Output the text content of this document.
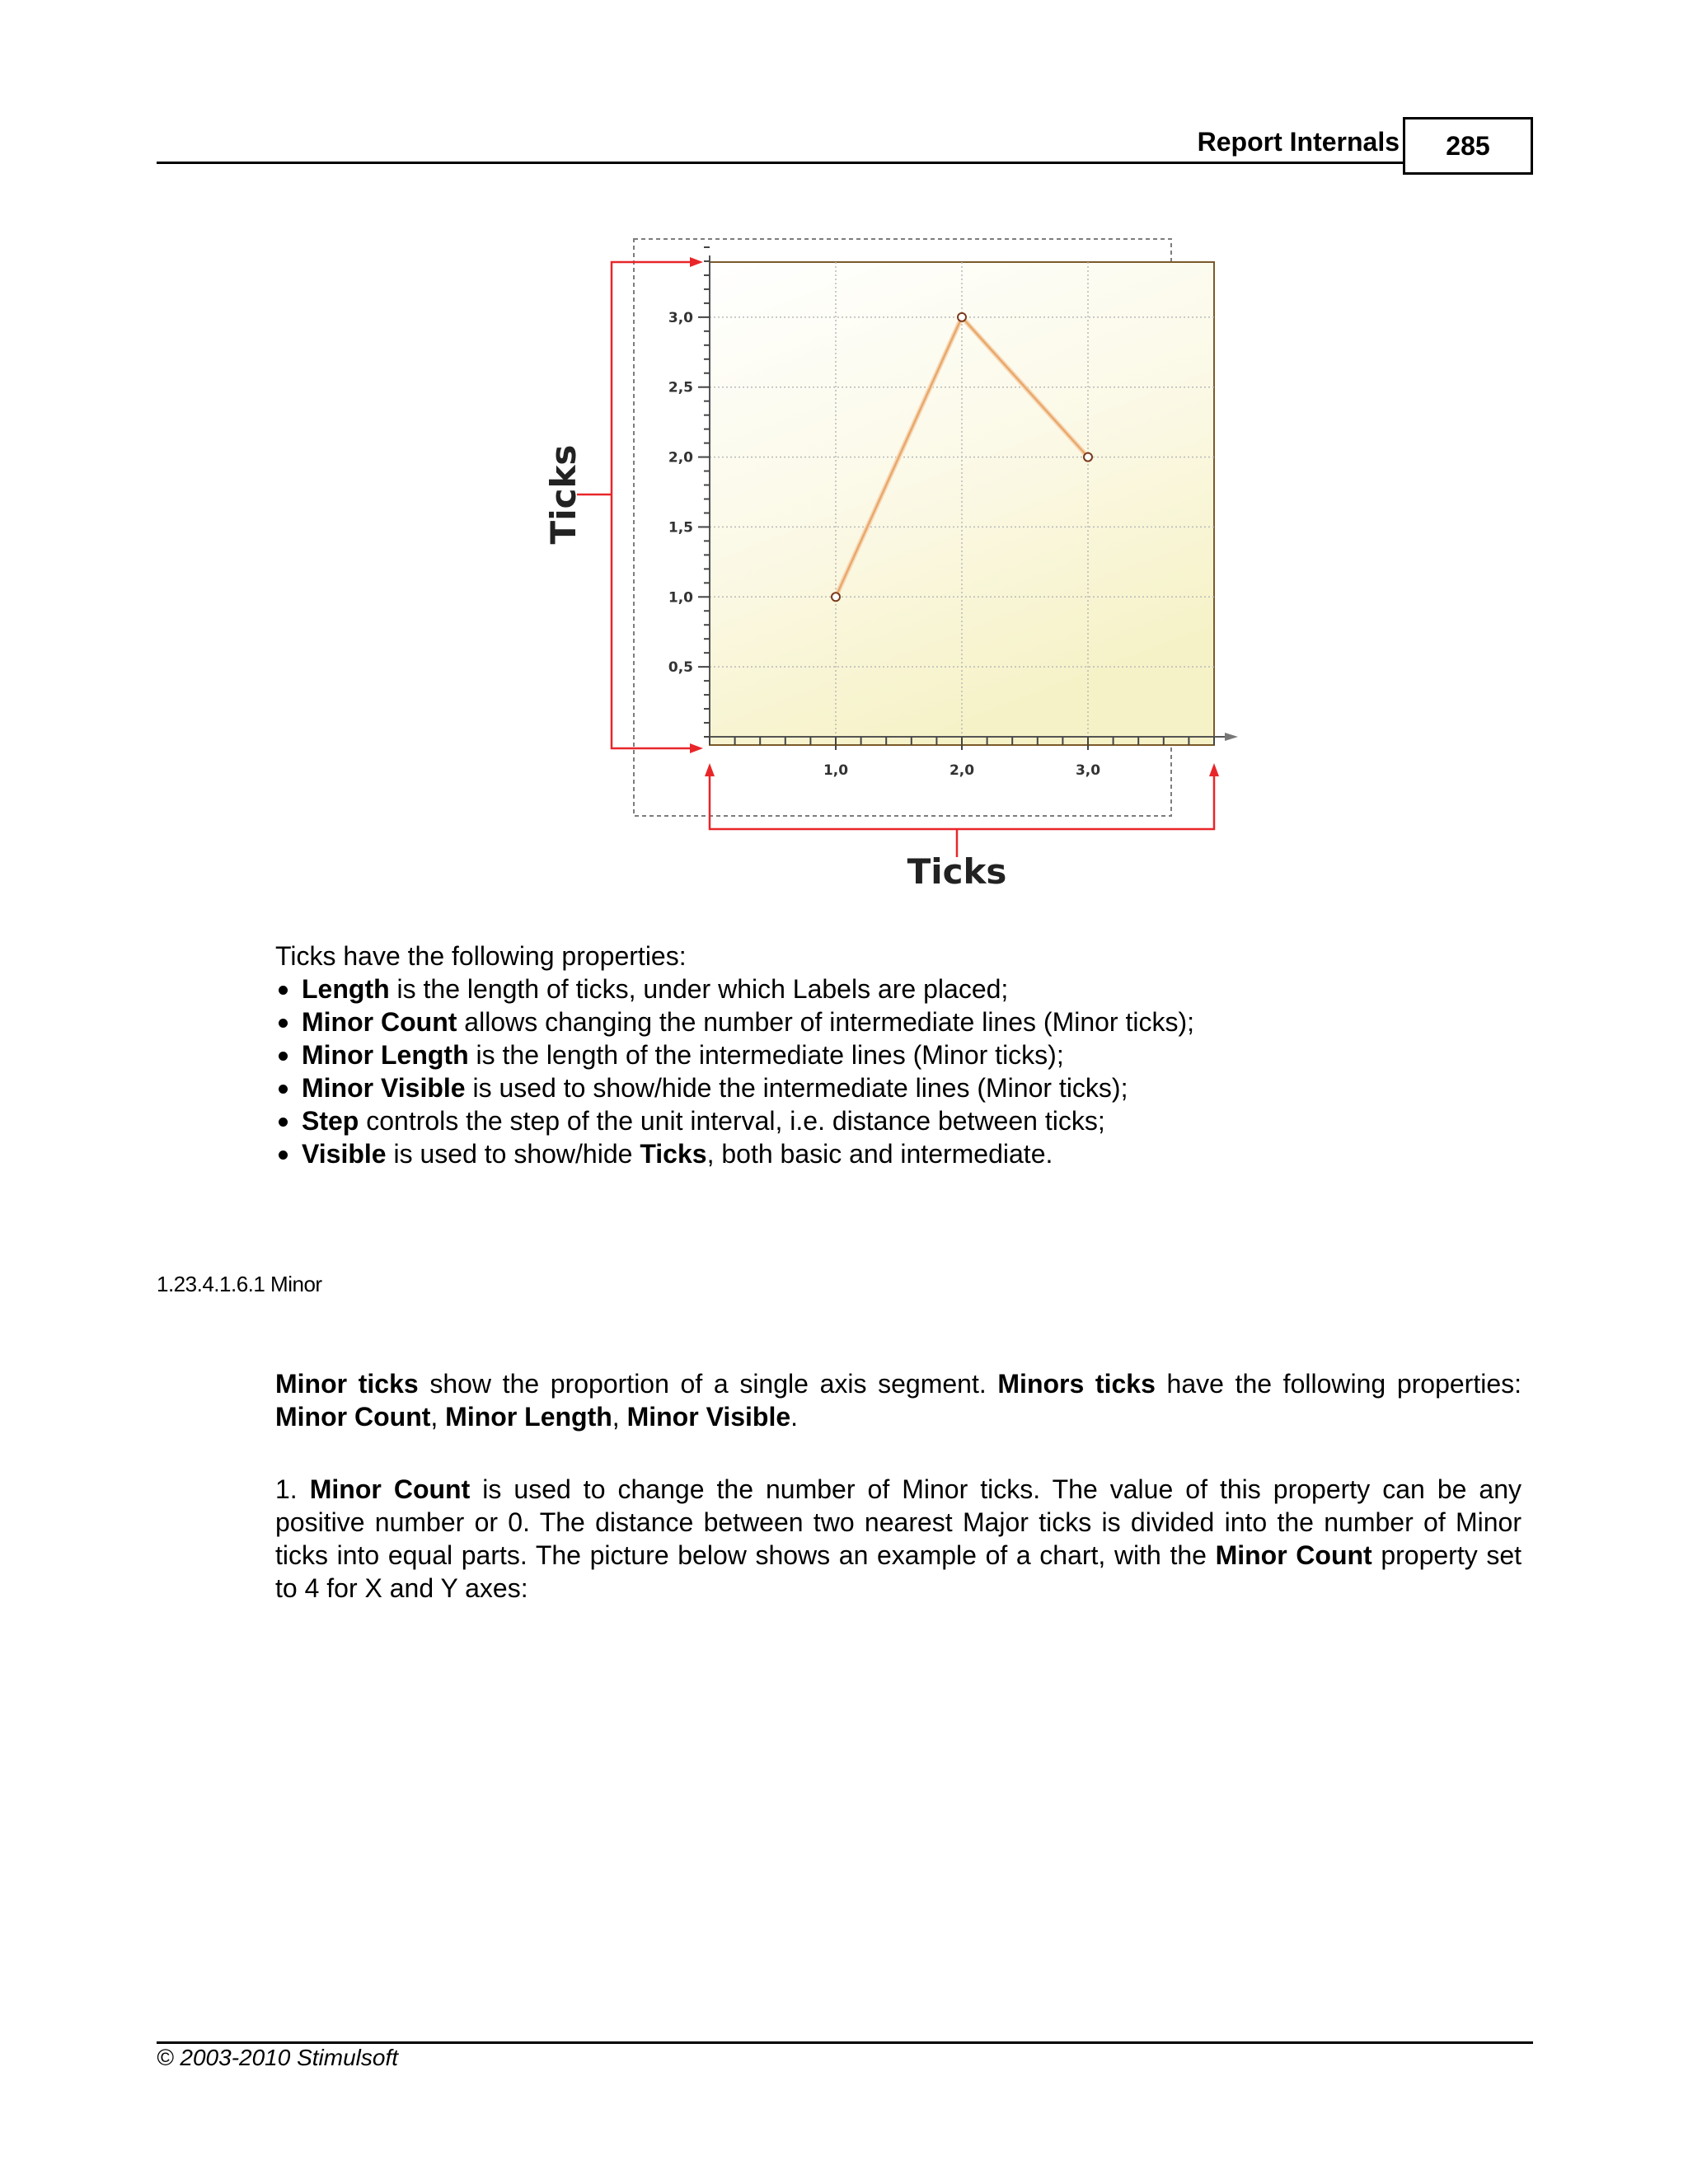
Report Internals	285
0,5
1,0
1,5
2,0
2,5
3,0
1,0	2,0	3,0
Ticks
Ticks
Ticks have the following properties:
Length is the length of ticks, under which Labels are placed;
Minor Count allows changing the number of intermediate lines (Minor ticks);
Minor Length is the length of the intermediate lines (Minor ticks);
Minor Visible is used to show/hide the intermediate lines (Minor ticks);
Step controls the step of the unit interval, i.e. distance between ticks;
Visible is used to show/hide Ticks, both basic and intermediate.
1.23.4.1.6.1 Minor
Minor ticks show the proportion of a single axis segment. Minors ticks have the following properties: Minor Count, Minor Length, Minor Visible.
1. Minor Count is used to change the number of Minor ticks. The value of this property can be any positive number or 0. The distance between two nearest Major ticks is divided into the number of Minor ticks into equal parts. The picture below shows an example of a chart, with the Minor Count property set to 4 for X and Y axes:
© 2003-2010 Stimulsoft
